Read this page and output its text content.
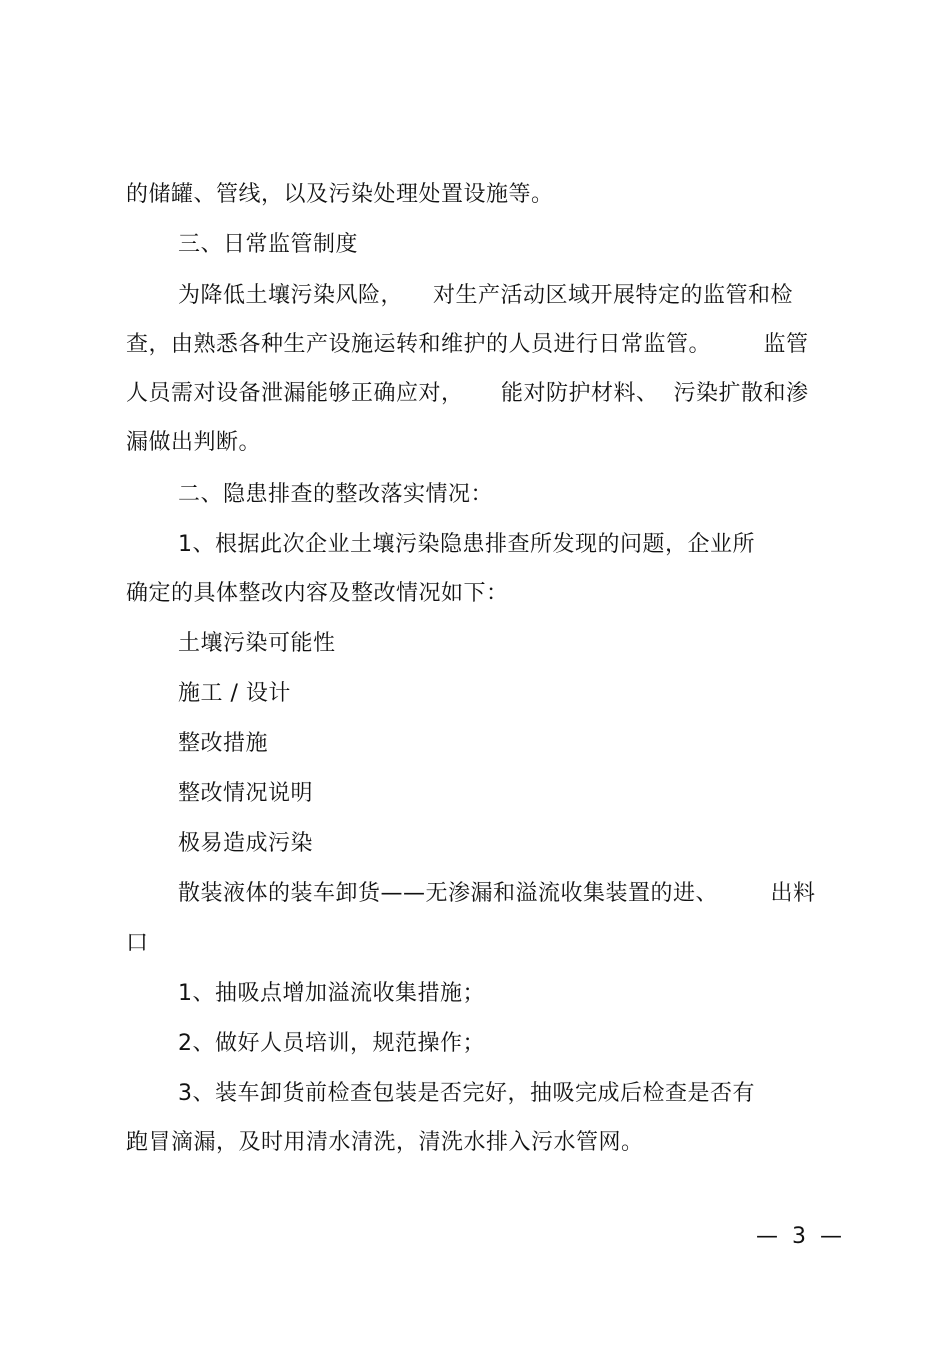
的储罐、管线，以及污染处理处置设施等。
三、日常监管制度
为降低土壤污染风险，    对生产活动区域开展特定的监管和检
查，由熟悉各种生产设施运转和维护的人员进行日常监管。       监管
人员需对设备泄漏能够正确应对，     能对防护材料、  污染扩散和渗
漏做出判断。
二、隐患排查的整改落实情况：
1、根据此次企业土壤污染隐患排查所发现的问题，企业所
确定的具体整改内容及整改情况如下：
土壤污染可能性
施工 / 设计
整改措施
整改情况说明
极易造成污染
散装液体的装车卸货——无渗漏和溢流收集装置的进、       出料
口
1、抽吸点增加溢流收集措施；
2、做好人员培训，规范操作；
3、装车卸货前检查包装是否完好，抽吸完成后检查是否有
跑冒滴漏，及时用清水清洗，清洗水排入污水管网。
—  3  —
